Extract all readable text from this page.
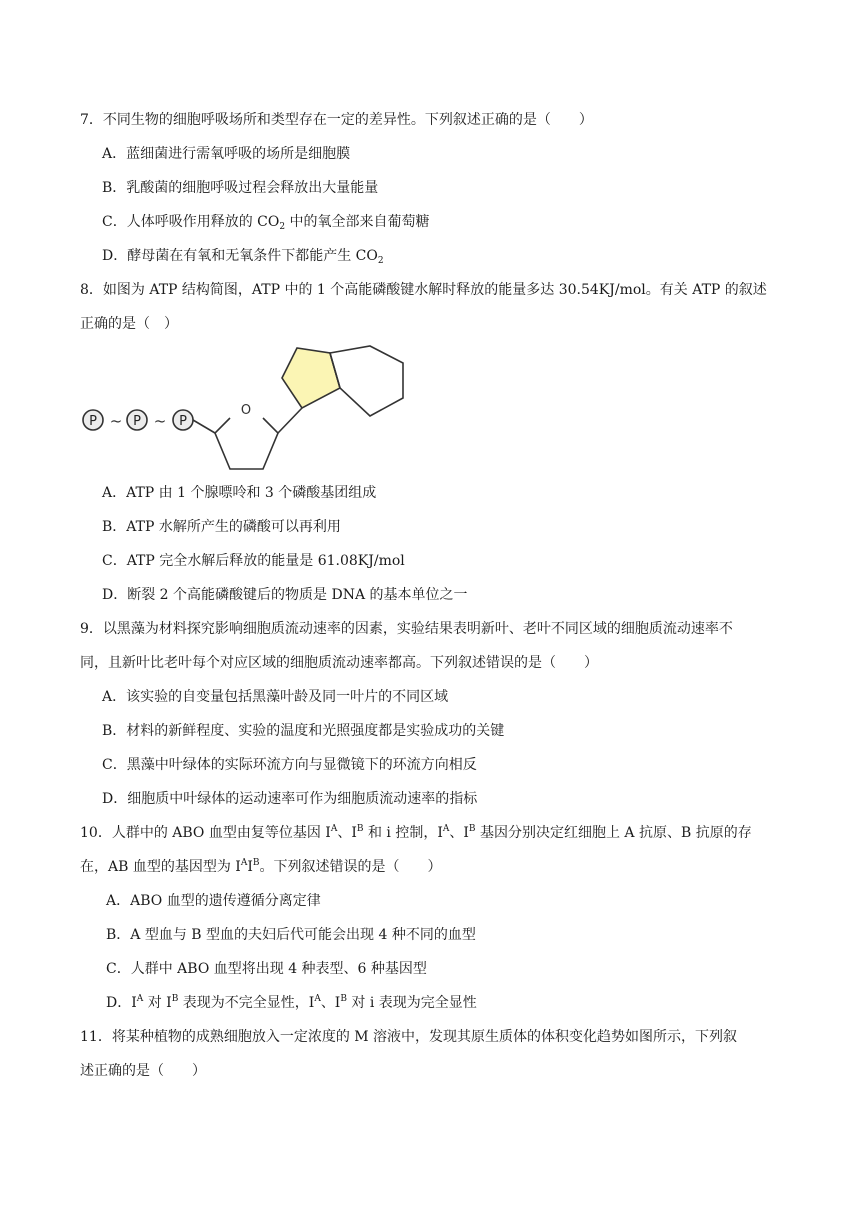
7．不同生物的细胞呼吸场所和类型存在一定的差异性。下列叙述正确的是（　　）
A．蓝细菌进行需氧呼吸的场所是细胞膜
B．乳酸菌的细胞呼吸过程会释放出大量能量
C．人体呼吸作用释放的 $CO_2$ 中的氧全部来自葡萄糖
D．酵母菌在有氧和无氧条件下都能产生 $CO_2$
8．如图为 ATP 结构简图，ATP 中的 1 个高能磷酸键水解时释放的能量多达 30.54KJ/mol。有关 ATP 的叙述
正确的是（　）
P ~ P ~ P
O
A．ATP 由 1 个腺嘌呤和 3 个磷酸基团组成
B．ATP 水解所产生的磷酸可以再利用
C．ATP 完全水解后释放的能量是 61.08KJ/mol
D．断裂 2 个高能磷酸键后的物质是 DNA 的基本单位之一
9．以黑藻为材料探究影响细胞质流动速率的因素，实验结果表明新叶、老叶不同区域的细胞质流动速率不
同，且新叶比老叶每个对应区域的细胞质流动速率都高。下列叙述错误的是（　　）
A．该实验的自变量包括黑藻叶龄及同一叶片的不同区域
B．材料的新鲜程度、实验的温度和光照强度都是实验成功的关键
C．黑藻中叶绿体的实际环流方向与显微镜下的环流方向相反
D．细胞质中叶绿体的运动速率可作为细胞质流动速率的指标
10．人群中的 ABO 血型由复等位基因 $I^A$、$I^B$ 和 i 控制，$I^A$、$I^B$ 基因分别决定红细胞上 A 抗原、B 抗原的存
在，AB 血型的基因型为 $I^AI^B$。下列叙述错误的是（　　）
A．ABO 血型的遗传遵循分离定律
B．A 型血与 B 型血的夫妇后代可能会出现 4 种不同的血型
C．人群中 ABO 血型将出现 4 种表型、6 种基因型
D．$I^A$ 对 $I^B$ 表现为不完全显性，$I^A$、$I^B$ 对 i 表现为完全显性
11．将某种植物的成熟细胞放入一定浓度的 M 溶液中，发现其原生质体的体积变化趋势如图所示，下列叙
述正确的是（　　）
